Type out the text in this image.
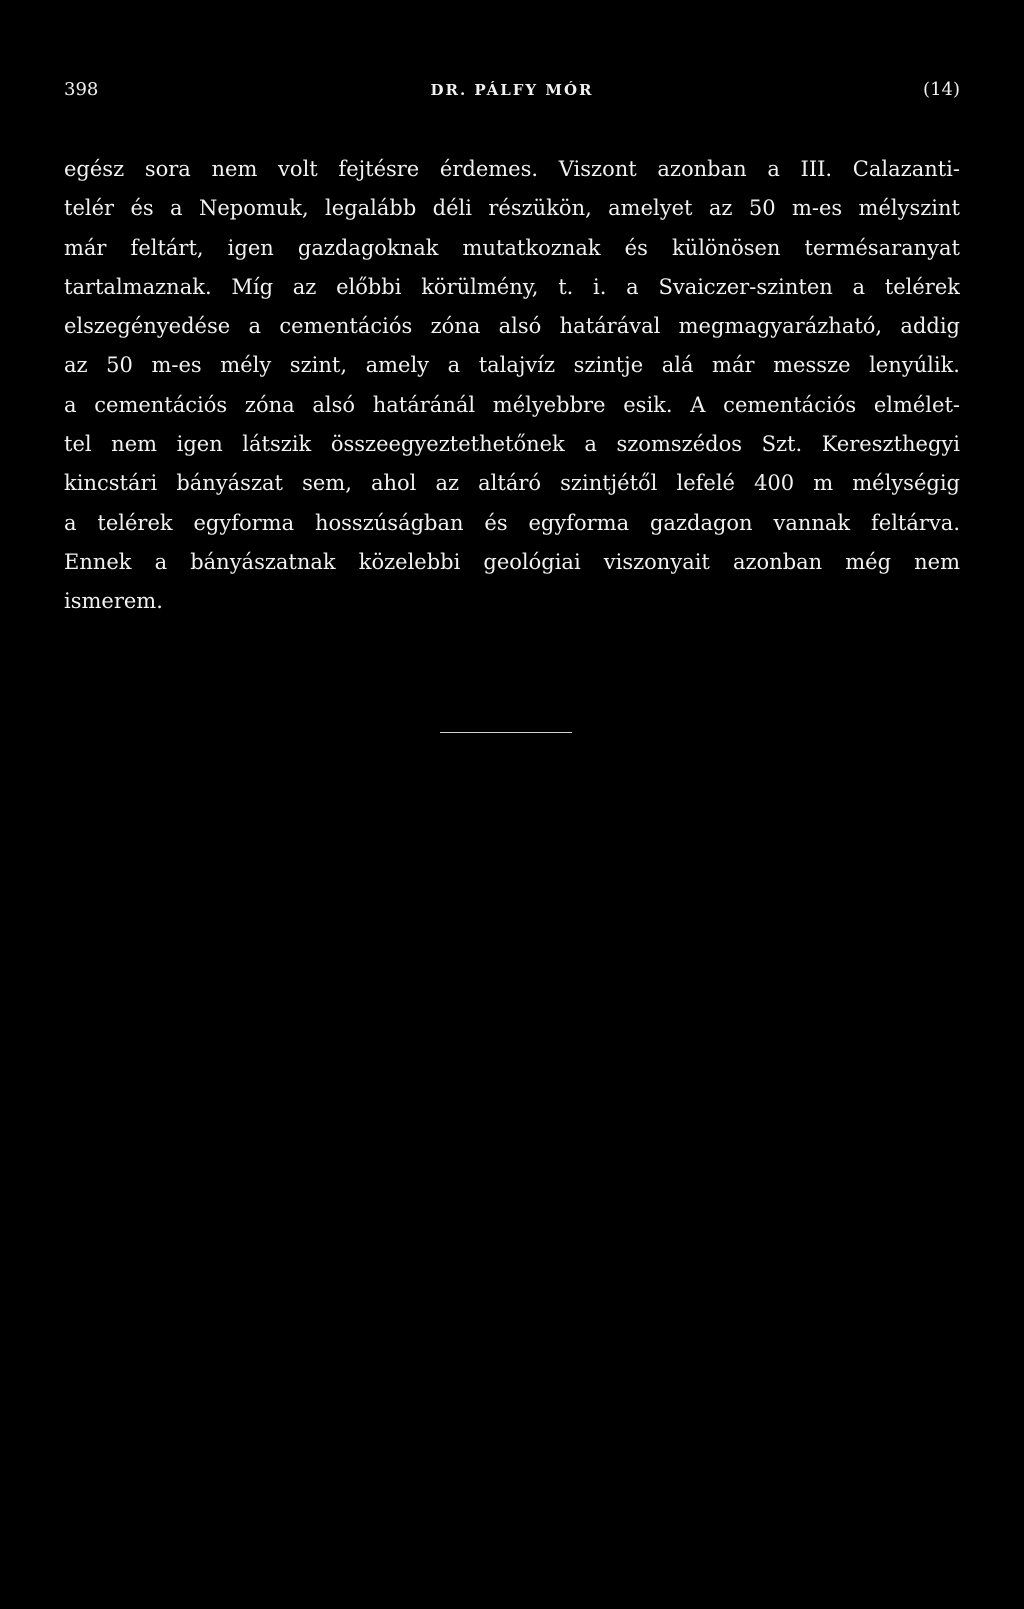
398	DR. PÁLFY MÓR	(14)
egész sora nem volt fejtésre érdemes. Viszont azonban a III. Calazanti-
telér és a Nepomuk, legalább déli részükön, amelyet az 50 m-es mélyszint
már feltárt, igen gazdagoknak mutatkoznak és különösen termésaranyat
tartalmaznak. Míg az előbbi körülmény, t. i. a Svaiczer-szinten a telérek
elszegényedése a cementációs zóna alsó határával megmagyarázható, addig
az 50 m-es mély szint, amely a talajvíz szintje alá már messze lenyúlik.
a cementációs zóna alsó határánál mélyebbre esik. A cementációs elmélet-
tel nem igen látszik összeegyeztethetőnek a szomszédos Szt. Kereszthegyi
kincstári bányászat sem, ahol az altáró szintjétől lefelé 400 m mélységig
a telérek egyforma hosszúságban és egyforma gazdagon vannak feltárva.
Ennek a bányászatnak közelebbi geológiai viszonyait azonban még nem
ismerem.
